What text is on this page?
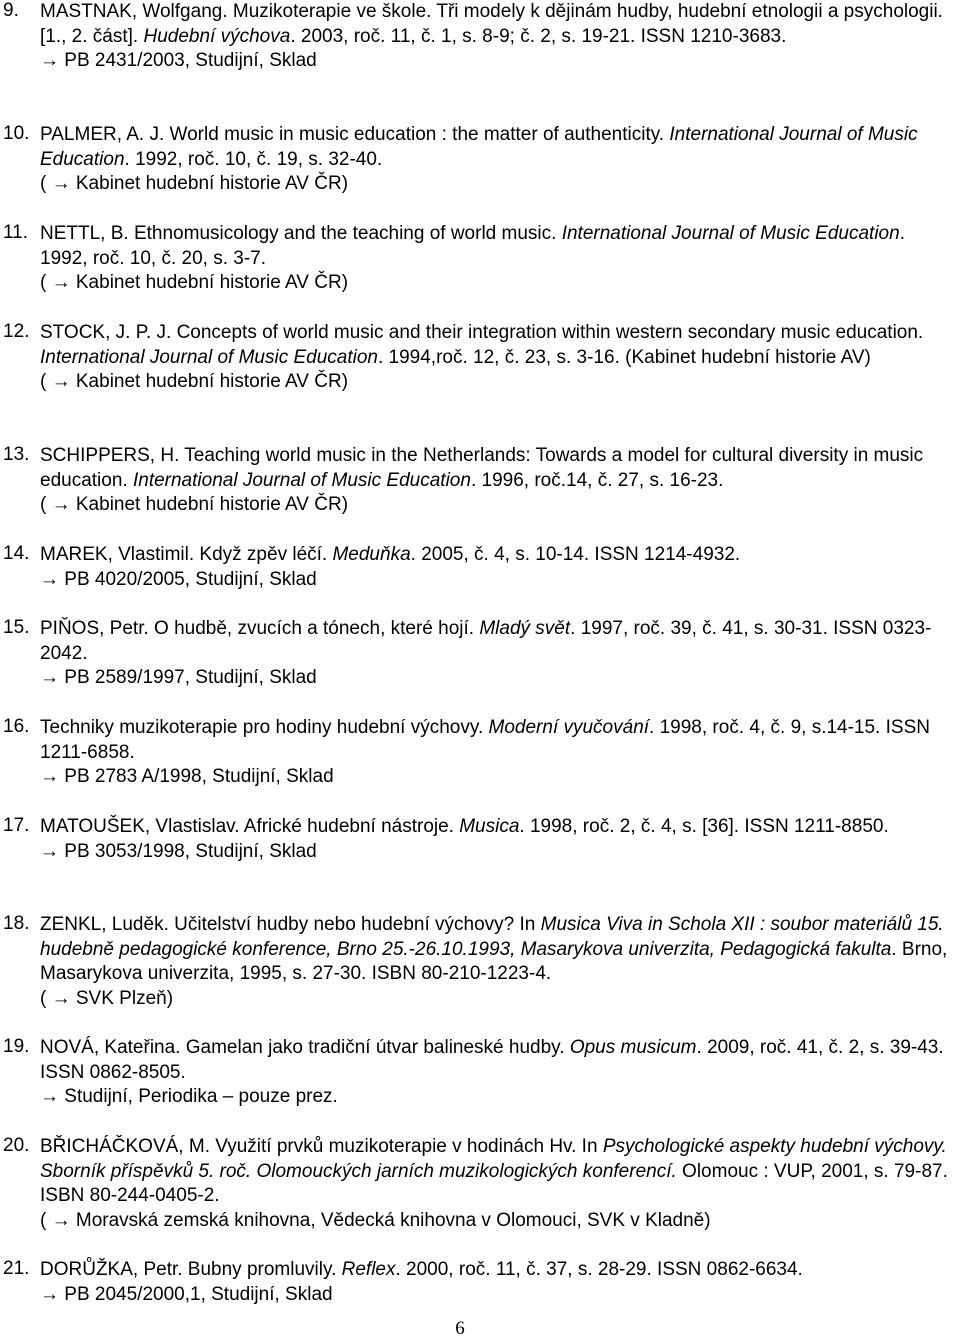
9. MASTNAK, Wolfgang. Muzikoterapie ve škole. Tři modely k dějinám hudby, hudební etnologii a psychologii. [1., 2. část]. Hudební výchova. 2003, roč. 11, č. 1, s. 8-9; č. 2, s. 19-21. ISSN 1210-3683.
→ PB 2431/2003, Studijní, Sklad
10. PALMER, A. J. World music in music education : the matter of authenticity. International Journal of Music Education. 1992, roč. 10, č. 19, s. 32-40.
( → Kabinet hudební historie AV ČR)
11. NETTL, B. Ethnomusicology and the teaching of world music. International Journal of Music Education. 1992, roč. 10, č. 20, s. 3-7.
( → Kabinet hudební historie AV ČR)
12. STOCK, J. P. J. Concepts of world music and their integration within western secondary music education. International Journal of Music Education. 1994,roč. 12, č. 23, s. 3-16. (Kabinet hudební historie AV)
( → Kabinet hudební historie AV ČR)
13. SCHIPPERS, H. Teaching world music in the Netherlands: Towards a model for cultural diversity in music education. International Journal of Music Education. 1996, roč.14, č. 27, s. 16-23.
( → Kabinet hudební historie AV ČR)
14. MAREK, Vlastimil. Když zpěv léčí. Meduňka. 2005, č. 4, s. 10-14. ISSN 1214-4932.
→ PB 4020/2005, Studijní, Sklad
15. PIŇOS, Petr. O hudbě, zvucích a tónech, které hojí. Mladý svět. 1997, roč. 39, č. 41, s. 30-31. ISSN 0323-2042.
→ PB 2589/1997, Studijní, Sklad
16. Techniky muzikoterapie pro hodiny hudební výchovy. Moderní vyučování. 1998, roč. 4, č. 9, s.14-15. ISSN 1211-6858.
→ PB 2783 A/1998, Studijní, Sklad
17. MATOUŠEK, Vlastislav. Africké hudební nástroje. Musica. 1998, roč. 2, č. 4, s. [36]. ISSN 1211-8850.
→ PB 3053/1998, Studijní, Sklad
18. ZENKL, Luděk. Učitelství hudby nebo hudební výchovy? In Musica Viva in Schola XII : soubor materiálů 15. hudebně pedagogické konference, Brno 25.-26.10.1993, Masarykova univerzita, Pedagogická fakulta. Brno, Masarykova univerzita, 1995, s. 27-30. ISBN 80-210-1223-4.
( → SVK Plzeň)
19. NOVÁ, Kateřina. Gamelan jako tradiční útvar balineské hudby. Opus musicum. 2009, roč. 41, č. 2, s. 39-43. ISSN 0862-8505.
→ Studijní, Periodika – pouze prez.
20. BŘICHÁČKOVÁ, M. Využití prvků muzikoterapie v hodinách Hv. In Psychologické aspekty hudební výchovy. Sborník příspěvků 5. roč. Olomouckých jarních muzikologických konferencí. Olomouc : VUP, 2001, s. 79-87. ISBN 80-244-0405-2.
( → Moravská zemská knihovna, Vědecká knihovna v Olomouci, SVK v Kladně)
21. DORŮŽKA, Petr. Bubny promluvily. Reflex. 2000, roč. 11, č. 37, s. 28-29. ISSN 0862-6634.
→ PB 2045/2000,1, Studijní, Sklad
6
